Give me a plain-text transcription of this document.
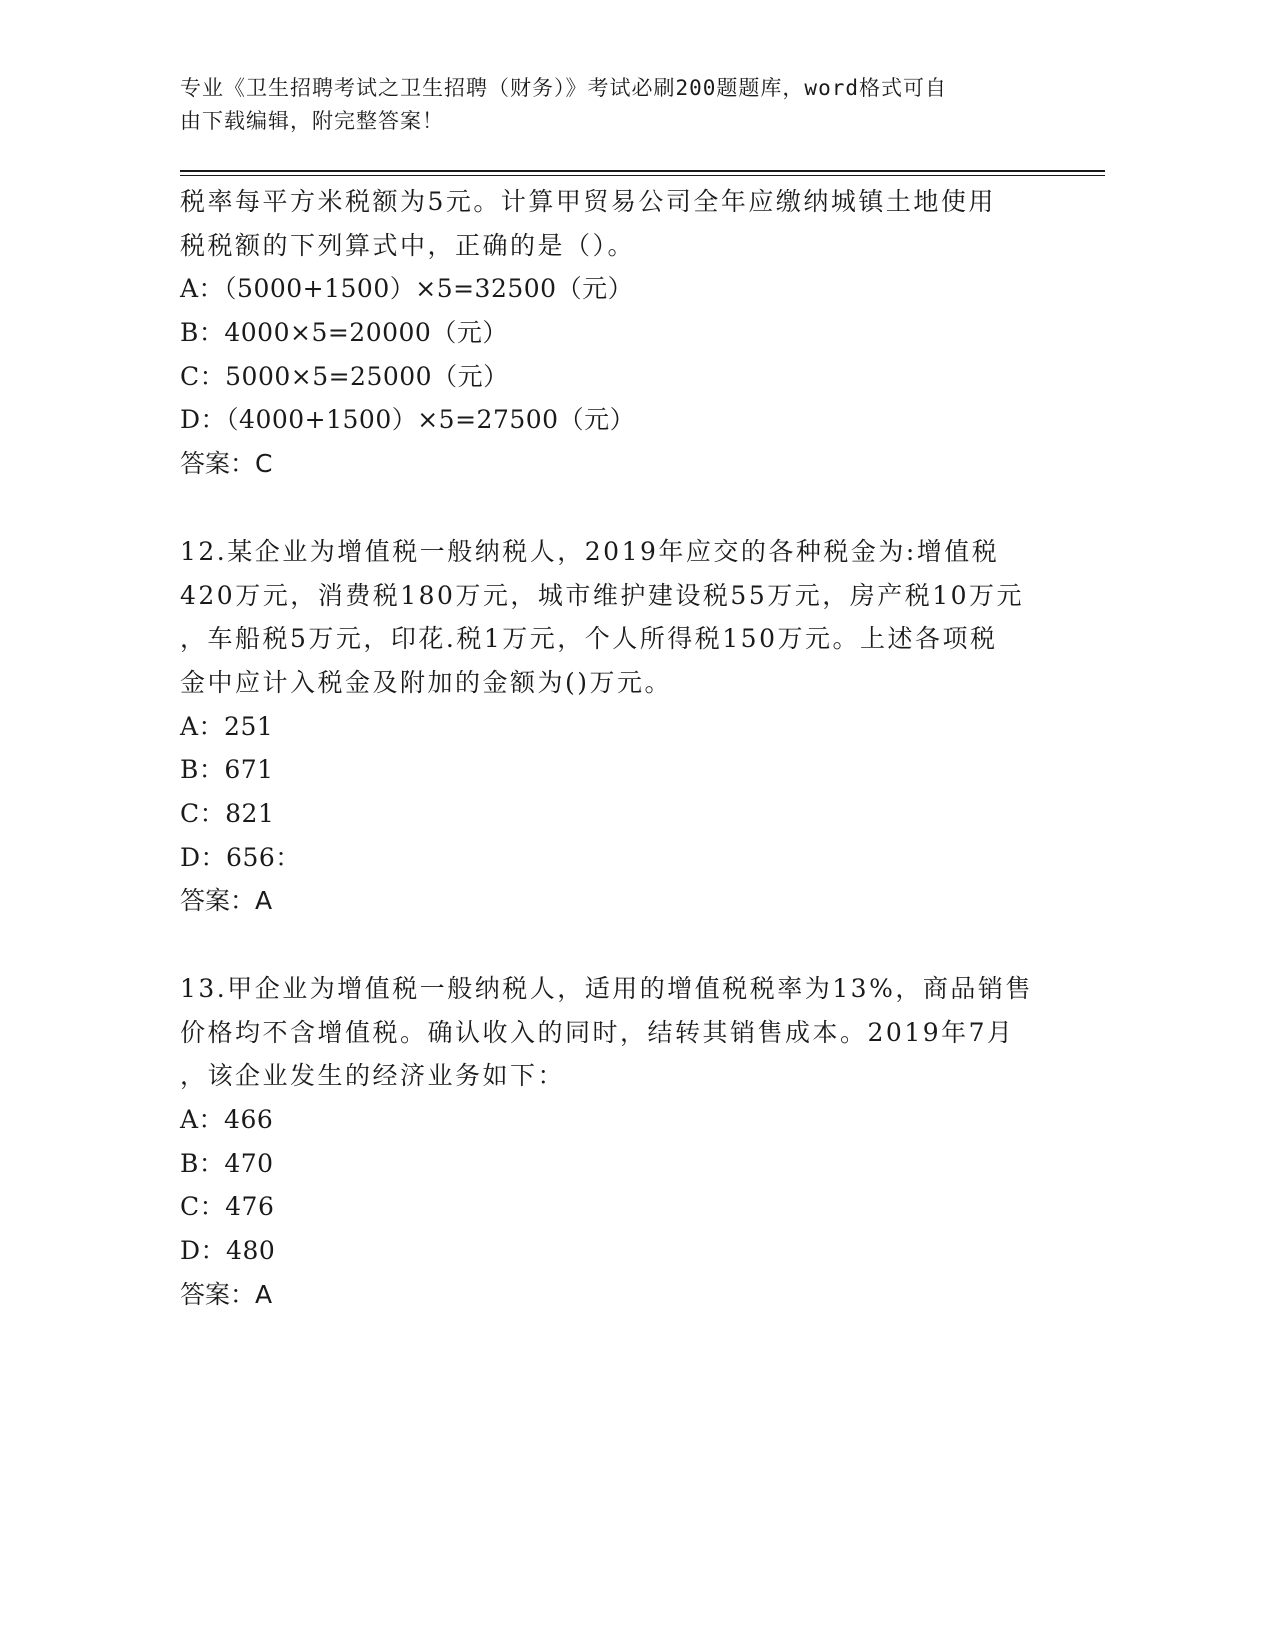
专业《卫生招聘考试之卫生招聘（财务）》考试必刷200题题库，word格式可自
由下载编辑，附完整答案！
税率每平方米税额为5元。计算甲贸易公司全年应缴纳城镇土地使用
税税额的下列算式中，正确的是（）。
A：（5000+1500）×5=32500（元）
B：4000×5=20000（元）
C：5000×5=25000（元）
D：（4000+1500）×5=27500（元）
答案：C
12.某企业为增值税一般纳税人，2019年应交的各种税金为:增值税
420万元，消费税180万元，城市维护建设税55万元，房产税10万元
，车船税5万元，印花.税1万元，个人所得税150万元。上述各项税
金中应计入税金及附加的金额为()万元。
A：251
B：671
C：821
D：656：
答案：A
13.甲企业为增值税一般纳税人，适用的增值税税率为13%，商品销售
价格均不含增值税。确认收入的同时，结转其销售成本。2019年7月
，该企业发生的经济业务如下：
A：466
B：470
C：476
D：480
答案：A
